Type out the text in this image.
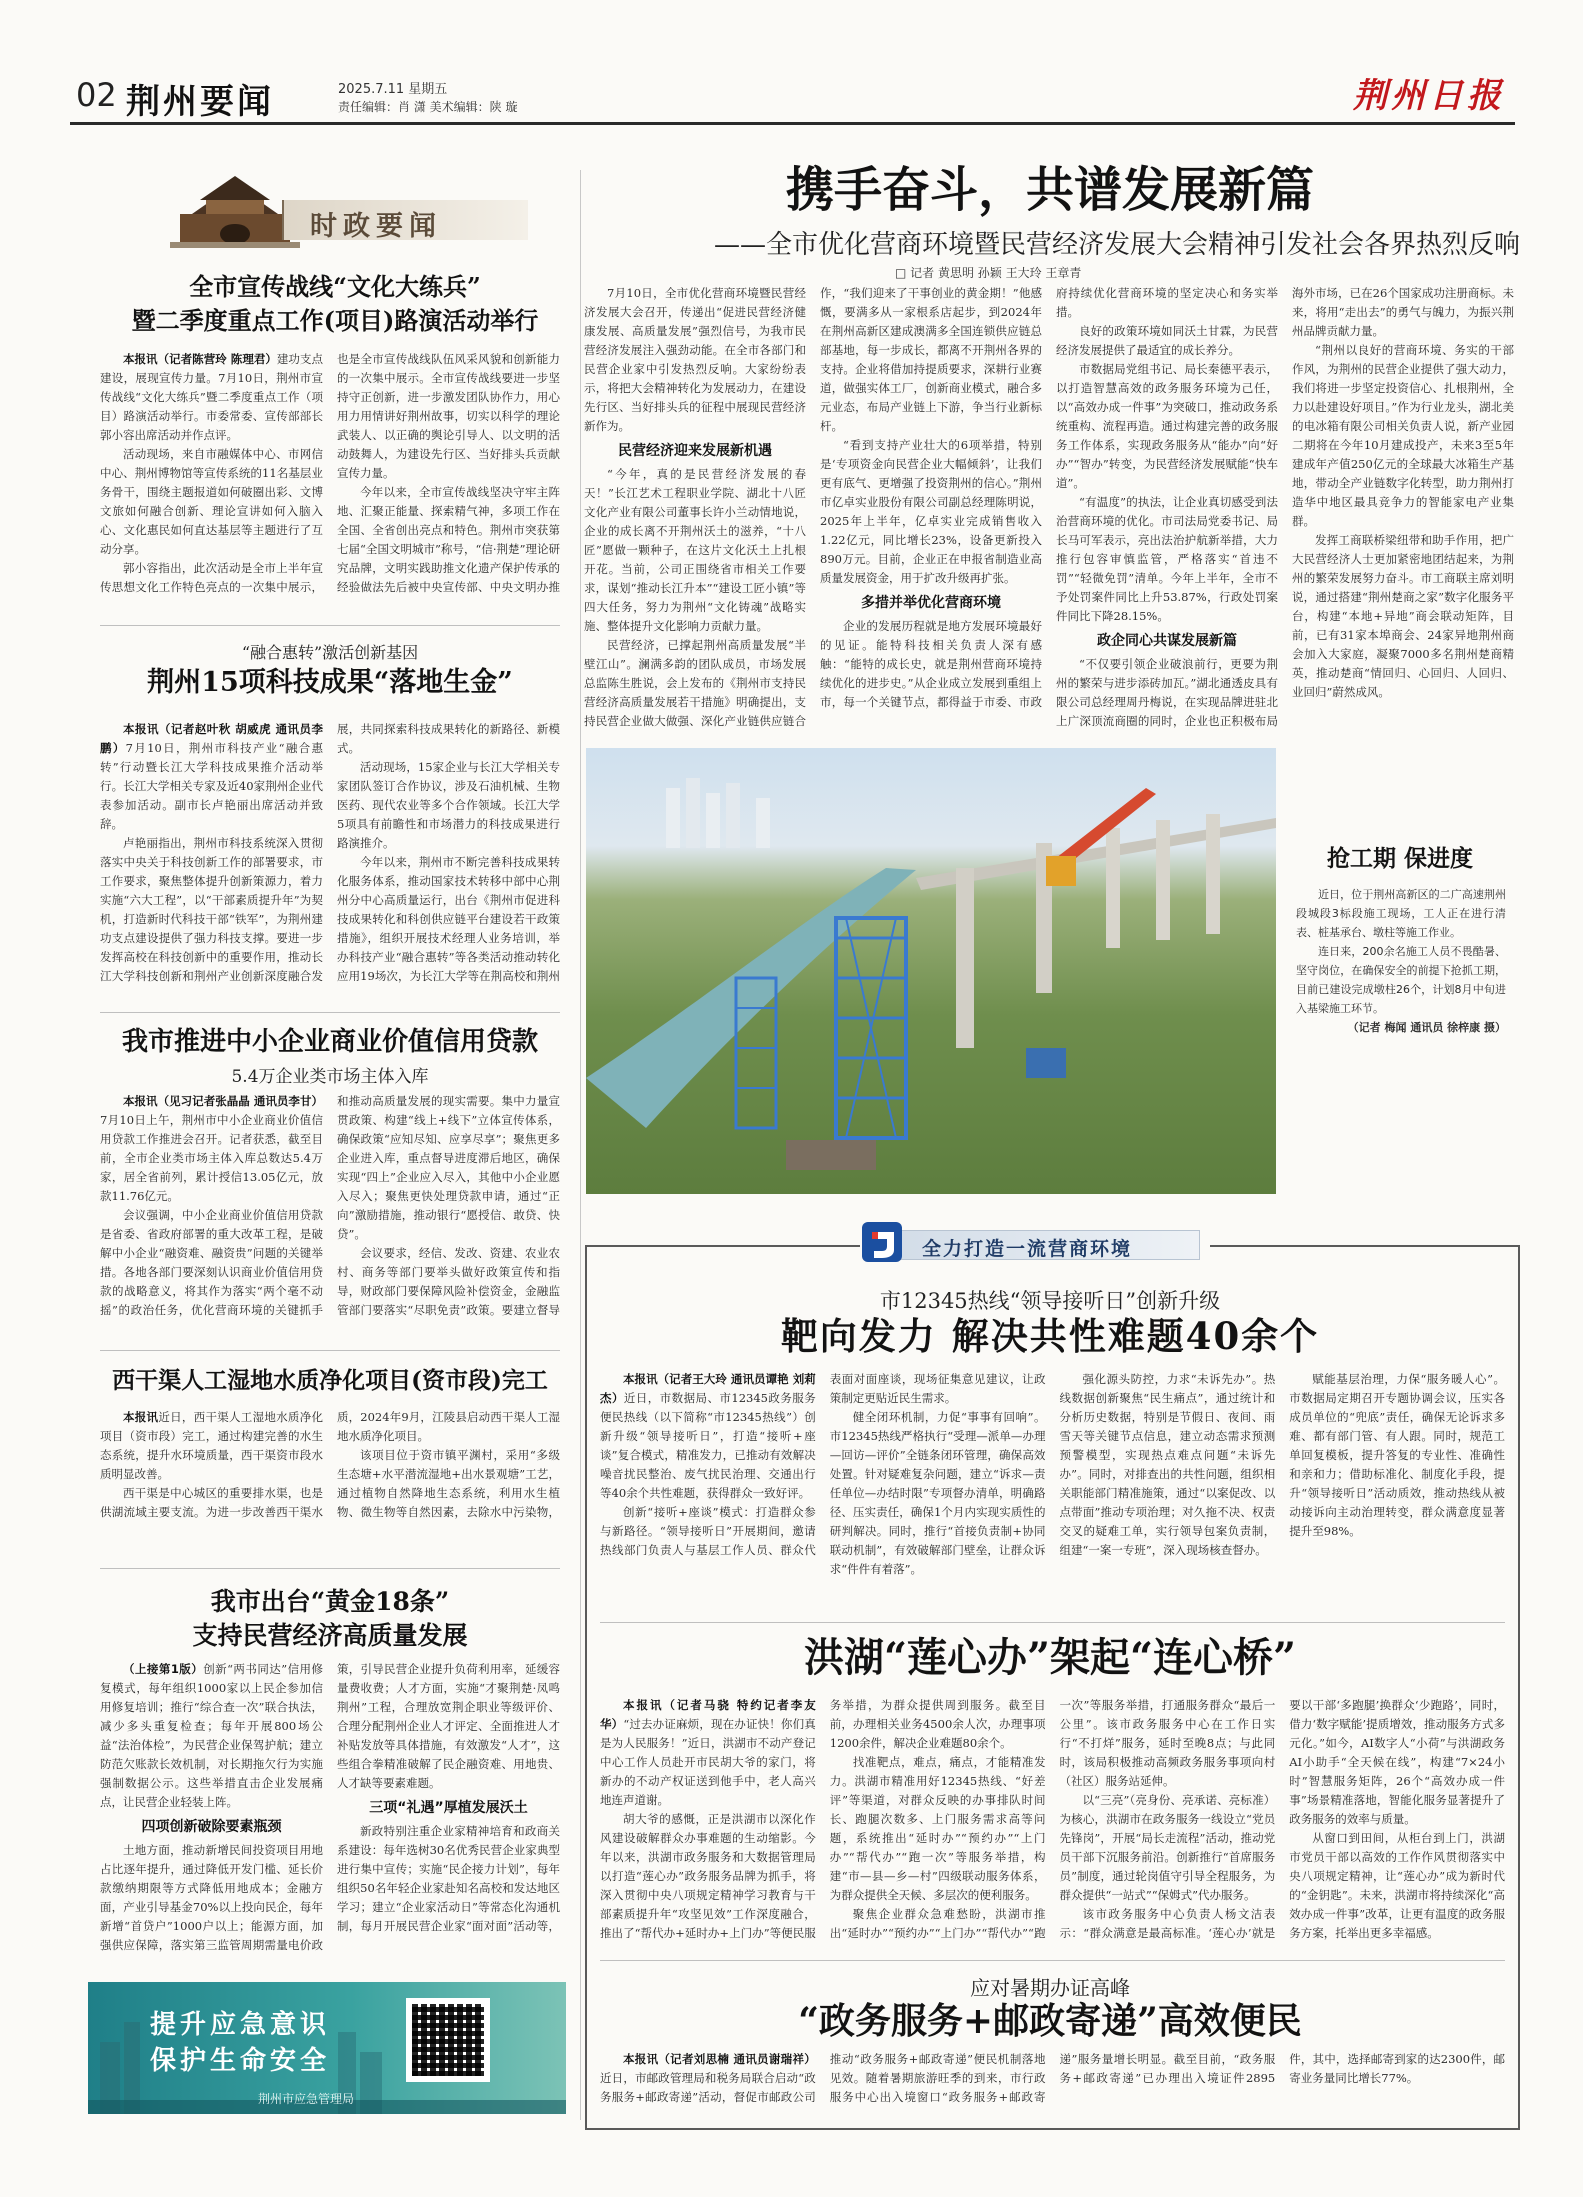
02 荆州要闻	2025.7.11 星期五
责任编辑：肖 潇 美术编辑：陕 璇	荆州日报
时政要闻
全市宣传战线“文化大练兵”
暨二季度重点工作(项目)路演活动举行

本报讯（记者陈营玲 陈理君）建功支点建设，展现宣传力量。7月10日，荆州市宣传战线“文化大练兵”暨二季度重点工作（项目）路演活动举行。市委常委、宣传部部长郭小容出席活动并作点评。

活动现场，来自市融媒体中心、市网信中心、荆州博物馆等宣传系统的11名基层业务骨干，围绕主题报道如何破圈出彩、文博文旅如何融合创新、理论宣讲如何入脑入心、文化惠民如何直达基层等主题进行了互动分享。

郭小容指出，此次活动是全市上半年宣传思想文化工作特色亮点的一次集中展示，也是全市宣传战线队伍风采风貌和创新能力的一次集中展示。全市宣传战线要进一步坚持守正创新，进一步激发团队协作力，用心用力用情讲好荆州故事，切实以科学的理论武装人、以正确的舆论引导人、以文明的活动鼓舞人，为建设先行区、当好排头兵贡献宣传力量。

今年以来，全市宣传战线坚决守牢主阵地、汇聚正能量、探索精气神，多项工作在全国、全省创出亮点和特色。荆州市突获第七届“全国文明城市”称号，“信·荆楚”理论研究品牌，文明实践助推文化遗产保护传承的经验做法先后被中央宣传部、中央文明办推

“融合惠转”激活创新基因
荆州15项科技成果“落地生金”

本报讯（记者赵叶秋 胡威虎 通讯员李鹏）7月10日，荆州市科技产业“融合惠转”行动暨长江大学科技成果推介活动举行。长江大学相关专家及近40家荆州企业代表参加活动。副市长卢艳丽出席活动并致辞。

卢艳丽指出，荆州市科技系统深入贯彻落实中央关于科技创新工作的部署要求，市工作要求，聚焦整体提升创新策源力，着力实施“六大工程”，以“干部素质提升年”为契机，打造新时代科技干部“铁军”，为荆州建功支点建设提供了强力科技支撑。要进一步发挥高校在科技创新中的重要作用，推动长江大学科技创新和荆州产业创新深度融合发展，共同探索科技成果转化的新路径、新模式。

活动现场，15家企业与长江大学相关专家团队签订合作协议，涉及石油机械、生物医药、现代农业等多个合作领域。长江大学5项具有前瞻性和市场潜力的科技成果进行路演推介。

今年以来，荆州市不断完善科技成果转化服务体系，推动国家技术转移中部中心荆州分中心高质量运行，出台《荆州市促进科技成果转化和科创供应链平台建设若干政策措施》，组织开展技术经理人业务培训，举办科技产业“融合惠转”等各类活动推动转化应用19场次，为长江大学等在荆高校和荆州

我市推进中小企业商业价值信用贷款
5.4万企业类市场主体入库

本报讯（见习记者张晶晶 通讯员李甘）7月10日上午，荆州市中小企业商业价值信用贷款工作推进会召开。记者获悉，截至目前，全市企业类市场主体入库总数达5.4万家，居全省前列，累计授信13.05亿元，放款11.76亿元。

会议强调，中小企业商业价值信用贷款是省委、省政府部署的重大改革工程，是破解中小企业“融资难、融资贵”问题的关键举措。各地各部门要深刻认识商业价值信用贷款的战略意义，将其作为落实“两个毫不动摇”的政治任务，优化营商环境的关键抓手和推动高质量发展的现实需要。集中力量宣贯政策、构建“线上+线下”立体宣传体系，确保政策“应知尽知、应享尽享”；聚焦更多企业进入库，重点督导进度滞后地区，确保实现“四上”企业应入尽入，其他中小企业愿入尽入；聚焦更快处理贷款申请，通过“正向”激励措施，推动银行“愿授信、敢贷、快贷”。

会议要求，经信、发改、资建、农业农村、商务等部门要举头做好政策宣传和指导，财政部门要保障风险补偿资金，金融监管部门要落实“尽职免责”政策。要建立督导

西干渠人工湿地水质净化项目(资市段)完工

本报讯近日，西干渠人工湿地水质净化项目（资市段）完工，通过构建完善的水生态系统，提升水环境质量，西干渠资市段水质明显改善。

西干渠是中心城区的重要排水渠，也是供湖流域主要支流。为进一步改善西干渠水质，2024年9月，江陵县启动西干渠人工湿地水质净化项目。

该项目位于资市镇平渊村，采用“多级生态塘+水平潜流湿地+出水景观塘”工艺，通过植物自然降地生态系统，利用水生植物、微生物等自然因素，去除水中污染物，

我市出台“黄金18条”
支持民营经济高质量发展

（上接第1版）创新“两书同达”信用修复模式，每年组织1000家以上民企参加信用修复培训；推行“综合查一次”联合执法，减少多头重复检查；每年开展800场公益“法治体检”，为民营企业保驾护航；建立防范欠账款长效机制，对长期拖欠行为实施强制数据公示。这些举措直击企业发展痛点，让民营企业轻装上阵。

四项创新破除要素瓶颈

土地方面，推动新增民间投资项目用地占比逐年提升，通过降低开发门槛、延长价款缴纳期限等方式降低用地成本；金融方面，产业引导基金70%以上投向民企，每年新增“首贷户”1000户以上；能源方面，加强供应保障，落实第三监管周期需量电价政策，引导民营企业提升负荷利用率，延缓容量费收费；人才方面，实施“才聚荆楚·凤鸣荆州”工程，合理放宽荆企职业等级评价、合理分配荆州企业人才评定、全面推进人才补贴发放等具体措施，有效激发“人才”，这些组合拳精准破解了民企融资难、用地贵、人才缺等要素难题。

三项“礼遇”厚植发展沃土

新政特别注重企业家精神培育和政商关系建设：每年选树30名优秀民营企业家典型进行集中宣传；实施“民企接力计划”，每年组织50名年轻企业家赴知名高校和发达地区学习；建立“企业家活动日”等常态化沟通机制，每月开展民营企业家“面对面”活动等，

提升应急意识
保护生命安全
荆州市应急管理局
携手奋斗，共谱发展新篇
——全市优化营商环境暨民营经济发展大会精神引发社会各界热烈反响
□ 记者 黄思明 孙颖 王大玲 王章青

7月10日，全市优化营商环境暨民营经济发展大会召开，传递出“促进民营经济健康发展、高质量发展”强烈信号，为我市民营经济发展注入强劲动能。在全市各部门和民营企业家中引发热烈反响。大家纷纷表示，将把大会精神转化为发展动力，在建设先行区、当好排头兵的征程中展现民营经济新作为。

民营经济迎来发展新机遇

“今年，真的是民营经济发展的春天！”长江艺术工程职业学院、湖北十八匠文化产业有限公司董事长许小兰动情地说，企业的成长离不开荆州沃土的滋养，“十八匠”愿做一颗种子，在这片文化沃土上扎根开花。当前，公司正围绕省市相关工作要求，谋划“推动长江升本”“建设工匠小镇”等四大任务，努力为荆州“文化铸魂”战略实施、整体提升文化影响力贡献力量。

民营经济，已撑起荆州高质量发展“半壁江山”。澜满多韵的团队成员，市场发展总监陈生胜说，会上发布的《荆州市支持民营经济高质量发展若干措施》明确提出，支持民营企业做大做强、深化产业链供应链合作，“我们迎来了干事创业的黄金期！”他感慨，要满多从一家根系店起步，到2024年在荆州高新区建成澳满多全国连锁供应链总部基地，每一步成长，都离不开荆州各界的支持。企业将借加持提质要求，深耕行业赛道，做强实体工厂，创新商业模式，融合多元业态，布局产业链上下游，争当行业新标杆。

“看到支持产业壮大的6项举措，特别是‘专项资金向民营企业大幅倾斜’，让我们更有底气、更增强了投资荆州的信心。”荆州市亿卓实业股份有限公司副总经理陈明说，2025年上半年，亿卓实业完成销售收入1.22亿元，同比增长23%，设备更新投入890万元。目前，企业正在申报省制造业高质量发展资金，用于扩改升级再扩张。

多措并举优化营商环境

企业的发展历程就是地方发展环境最好的见证。能特科技相关负责人深有感触：“能特的成长史，就是荆州营商环境持续优化的进步史。”从企业成立发展到重组上市，每一个关键节点，都得益于市委、市政府持续优化营商环境的坚定决心和务实举措。

良好的政策环境如同沃土甘霖，为民营经济发展提供了最适宜的成长养分。

市数据局党组书记、局长秦德平表示，以打造智慧高效的政务服务环境为己任，以“高效办成一件事”为突破口，推动政务系统重构、流程再造。通过构建完善的政务服务工作体系，实现政务服务从“能办”向“好办”“智办”转变，为民营经济发展赋能“快车道”。

“有温度”的执法，让企业真切感受到法治营商环境的优化。市司法局党委书记、局长马可军表示，亮出法治护航新举措，大力推行包容审慎监管，严格落实“首违不罚”“轻微免罚”清单。今年上半年，全市不予处罚案件同比上升53.87%，行政处罚案件同比下降28.15%。

政企同心共谋发展新篇

“不仅要引领企业破浪前行，更要为荆州的繁荣与进步添砖加瓦。”湖北通透皮具有限公司总经理周丹梅说，在实现品牌进驻北上广深顶流商圈的同时，企业也正积极布局海外市场，已在26个国家成功注册商标。未来，将用“走出去”的勇气与魄力，为振兴荆州品牌贡献力量。

“荆州以良好的营商环境、务实的干部作风，为荆州的民营企业提供了强大动力，我们将进一步坚定投资信心、扎根荆州，全力以赴建设好项目。”作为行业龙头，湖北美的电冰箱有限公司相关负责人说，新产业园二期将在今年10月建成投产，未来3至5年建成年产值250亿元的全球最大冰箱生产基地，带动全产业链数字化转型，助力荆州打造华中地区最具竞争力的智能家电产业集群。

发挥工商联桥梁纽带和助手作用，把广大民营经济人士更加紧密地团结起来，为荆州的繁荣发展努力奋斗。市工商联主席刘明说，通过搭建“荆州楚商之家”数字化服务平台，构建“本地+异地”商会联动矩阵，目前，已有31家本埠商会、24家异地荆州商会加入大家庭，凝聚7000多名荆州楚商精英，推动楚商“情回归、心回归、人回归、业回归”蔚然成风。

抢工期 保进度

近日，位于荆州高新区的二广高速荆州段城段3标段施工现场，工人正在进行清表、桩基承台、墩柱等施工作业。

连日来，200余名施工人员不畏酷暑、坚守岗位，在确保安全的前提下抢抓工期，目前已建设完成墩柱26个，计划8月中旬进入基梁施工环节。

（记者 梅闻 通讯员 徐梓康 摄）
全力打造一流营商环境
市12345热线“领导接听日”创新升级
靶向发力 解决共性难题40余个

本报讯（记者王大玲 通讯员谭艳 刘莉杰）近日，市数据局、市12345政务服务便民热线（以下简称“市12345热线”）创新升级“领导接听日”，打造“接听+座谈”复合模式，精准发力，已推动有效解决噪音扰民整治、废气扰民治理、交通出行等40余个共性难题，获得群众一致好评。

创新“接听+座谈”模式：打造群众参与新路径。“领导接听日”开展期间，邀请热线部门负责人与基层工作人员、群众代表面对面座谈，现场征集意见建议，让政策制定更贴近民生需求。

健全闭环机制，力促“事事有回响”。市12345热线严格执行“受理—派单—办理—回访—评价”全链条闭环管理，确保高效处置。针对疑难复杂问题，建立“诉求—责任单位—办结时限”专项督办清单，明确路径、压实责任，确保1个月内实现实质性的研判解决。同时，推行“首接负责制+协同联动机制”，有效破解部门壁垒，让群众诉求“件件有着落”。

强化源头防控，力求“未诉先办”。热线数据创新聚焦“民生痛点”，通过统计和分析历史数据，特别是节假日、夜间、雨雪天等关键节点信息，建立动态需求预测预警模型，实现热点难点问题“未诉先办”。同时，对排查出的共性问题，组织相关职能部门精准施策，通过“以案促改、以点带面”推动专项治理；对久拖不决、权责交叉的疑难工单，实行领导包案负责制，组建“一案一专班”，深入现场核查督办。

赋能基层治理，力保“服务暖人心”。市数据局定期召开专题协调会议，压实各成员单位的“兜底”责任，确保无论诉求多难、都有部门管、有人跟。同时，规范工单回复模板，提升答复的专业性、准确性和亲和力；借助标准化、制度化手段，提升“领导接听日”活动质效，推动热线从被动接诉向主动治理转变，群众满意度显著提升至98%。

洪湖“莲心办”架起“连心桥”

本报讯（记者马骁 特约记者李友华）“过去办证麻烦，现在办证快！你们真是为人民服务！”近日，洪湖市不动产登记中心工作人员赴开市民胡大爷的家门，将新办的不动产权证送到他手中，老人高兴地连声道谢。

胡大爷的感慨，正是洪湖市以深化作风建设破解群众办事难题的生动缩影。今年以来，洪湖市政务服务和大数据管理局以打造“莲心办”政务服务品牌为抓手，将深入贯彻中央八项规定精神学习教育与干部素质提升年“攻坚见效”工作深度融合，推出了“帮代办+延时办+上门办”等便民服务举措，为群众提供周到服务。截至目前，办理相关业务4500余人次，办理事项1200余件，解决企业难题80余个。

找准靶点，难点，痛点，才能精准发力。洪湖市精准用好12345热线、“好差评”等渠道，对群众反映的办事排队时间长、跑腿次数多、上门服务需求高等问题，系统推出“延时办”“预约办”“上门办”“帮代办”“跑一次”等服务举措，构建“市—县—乡—村”四级联动服务体系，为群众提供全天候、多层次的便利服务。

聚焦企业群众急难愁盼，洪湖市推出“延时办”“预约办”“上门办”“帮代办”“跑一次”等服务举措，打通服务群众“最后一公里”。该市政务服务中心在工作日实行“不打烊”服务，延时至晚8点；与此同时，该局积极推动高频政务服务事项向村（社区）服务站延伸。

以“三亮”（亮身份、亮承诺、亮标准）为核心，洪湖市在政务服务一线设立“党员先锋岗”，开展“局长走流程”活动，推动党员干部下沉服务前沿。创新推行“首席服务员”制度，通过轮岗值守引导全程服务，为群众提供“一站式”“保姆式”代办服务。

该市政务服务中心负责人杨文洁表示：“群众满意是最高标准。‘莲心办’就是要以干部‘多跑腿’换群众‘少跑路’，同时，借力‘数字赋能’提质增效，推动服务方式多元化。”如今，AI数字人“小荷”与洪湖政务AI小助手“全天候在线”，构建“7×24小时”智慧服务矩阵，26个“高效办成一件事”场景精准落地，智能化服务显著提升了政务服务的效率与质量。

从窗口到田间，从柜台到上门，洪湖市党员干部以高效的工作作风贯彻落实中央八项规定精神，让“莲心办”成为新时代的“金钥匙”。未来，洪湖市将持续深化“高效办成一件事”改革，让更有温度的政务服务方案，托举出更多幸福感。

应对暑期办证高峰
“政务服务+邮政寄递”高效便民

本报讯（记者刘思楠 通讯员谢瑞祥）近日，市邮政管理局和税务局联合启动“政务服务+邮政寄递”活动，督促市邮政公司推动“政务服务+邮政寄递”便民机制落地见效。随着暑期旅游旺季的到来，市行政服务中心出入境窗口“政务服务+邮政寄递”服务量增长明显。截至目前，“政务服务+邮政寄递”已办理出入境证件2895件，其中，选择邮寄到家的达2300件，邮寄业务量同比增长77%。
